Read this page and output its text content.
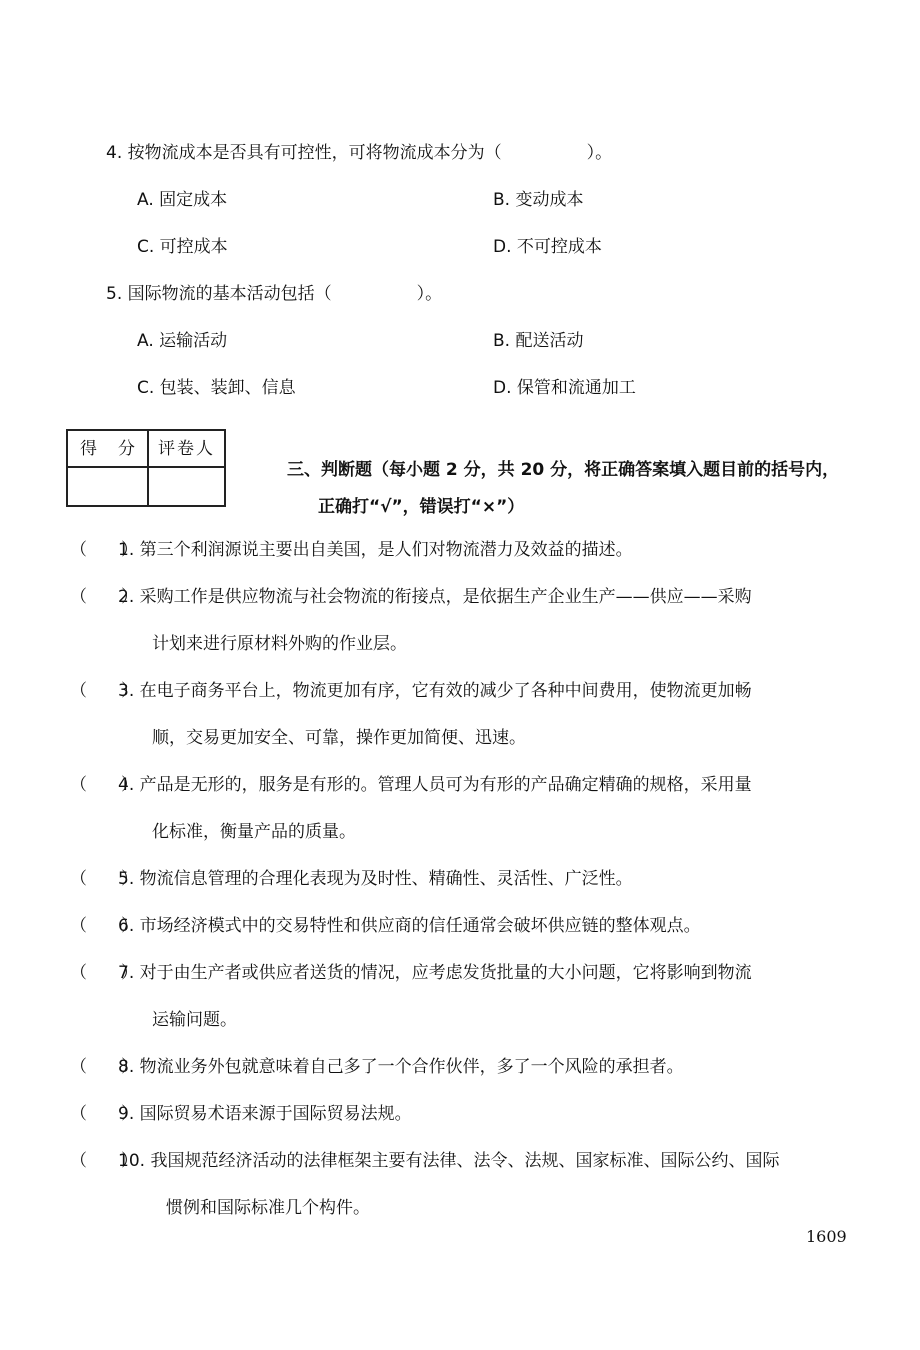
4. 按物流成本是否具有可控性，可将物流成本分为（　　　　　）。
A. 固定成本	B. 变动成本
C. 可控成本	D. 不可控成本
5. 国际物流的基本活动包括（　　　　　）。
A. 运输活动	B. 配送活动
C. 包装、装卸、信息	D. 保管和流通加工
得　分 评卷人
三、判断题（每小题 2 分，共 20 分，将正确答案填入题目前的括号内，
正确打“√”，错误打“×”）
（　　）
1. 第三个利润源说主要出自美国，是人们对物流潜力及效益的描述。
（　　）
2. 采购工作是供应物流与社会物流的衔接点，是依据生产企业生产——供应——采购
计划来进行原材料外购的作业层。
（　　）
3. 在电子商务平台上，物流更加有序，它有效的减少了各种中间费用，使物流更加畅
顺，交易更加安全、可靠，操作更加简便、迅速。
（　　）
4. 产品是无形的，服务是有形的。管理人员可为有形的产品确定精确的规格，采用量
化标准，衡量产品的质量。
（　　）
5. 物流信息管理的合理化表现为及时性、精确性、灵活性、广泛性。
（　　）
6. 市场经济模式中的交易特性和供应商的信任通常会破坏供应链的整体观点。
（　　）
7. 对于由生产者或供应者送货的情况，应考虑发货批量的大小问题，它将影响到物流
运输问题。
（　　）
8. 物流业务外包就意味着自己多了一个合作伙伴，多了一个风险的承担者。
（　　）
9. 国际贸易术语来源于国际贸易法规。
（　　）
10. 我国规范经济活动的法律框架主要有法律、法令、法规、国家标准、国际公约、国际
惯例和国际标准几个构件。
1609
